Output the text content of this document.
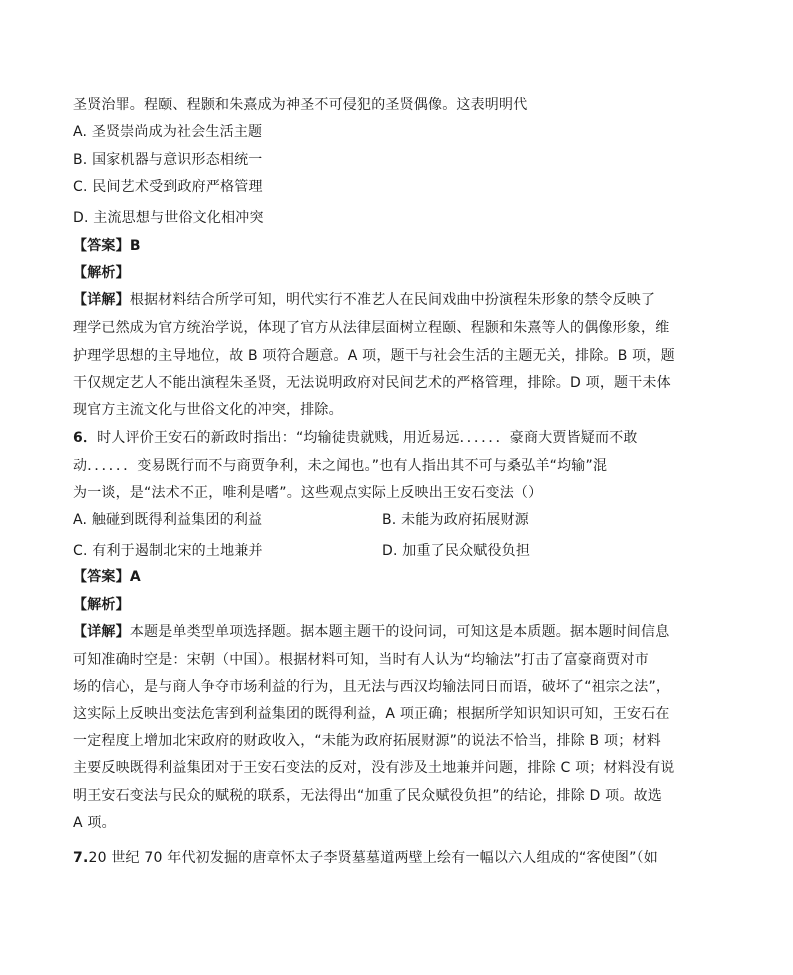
圣贤治罪。程颐、程颢和朱熹成为神圣不可侵犯的圣贤偶像。这表明明代
A. 圣贤崇尚成为社会生活主题
B. 国家机器与意识形态相统一
C. 民间艺术受到政府严格管理
D. 主流思想与世俗文化相冲突
【答案】B
【解析】
【详解】根据材料结合所学可知，明代实行不准艺人在民间戏曲中扮演程朱形象的禁令反映了
理学已然成为官方统治学说，体现了官方从法律层面树立程颐、程颢和朱熹等人的偶像形象，维
护理学思想的主导地位，故 B 项符合题意。A 项，题干与社会生活的主题无关，排除。B 项，题
干仅规定艺人不能出演程朱圣贤，无法说明政府对民间艺术的严格管理，排除。D 项，题干未体
现官方主流文化与世俗文化的冲突，排除。
6．时人评价王安石的新政时指出：“均输徒贵就贱，用近易远．．．．．．豪商大贾皆疑而不敢
动．．．．．．变易既行而不与商贾争利，未之闻也。”也有人指出其不可与桑弘羊“均输”混
为一谈，是“法术不正，唯利是嗜”。这些观点实际上反映出王安石变法（）
A. 触碰到既得利益集团的利益	B. 未能为政府拓展财源
C. 有利于遏制北宋的土地兼并	D. 加重了民众赋役负担
【答案】A
【解析】
【详解】本题是单类型单项选择题。据本题主题干的设问词，可知这是本质题。据本题时间信息
可知准确时空是：宋朝（中国）。根据材料可知，当时有人认为“均输法”打击了富豪商贾对市
场的信心，是与商人争夺市场利益的行为，且无法与西汉均输法同日而语，破坏了“祖宗之法”，
这实际上反映出变法危害到利益集团的既得利益，A 项正确；根据所学知识知识可知，王安石在
一定程度上增加北宋政府的财政收入，“未能为政府拓展财源”的说法不恰当，排除 B 项；材料
主要反映既得利益集团对于王安石变法的反对，没有涉及土地兼并问题，排除 C 项；材料没有说
明王安石变法与民众的赋税的联系，无法得出“加重了民众赋役负担”的结论，排除 D 项。故选
A 项。
7.20 世纪 70 年代初发掘的唐章怀太子李贤墓墓道两壁上绘有一幅以六人组成的“客使图”（如
